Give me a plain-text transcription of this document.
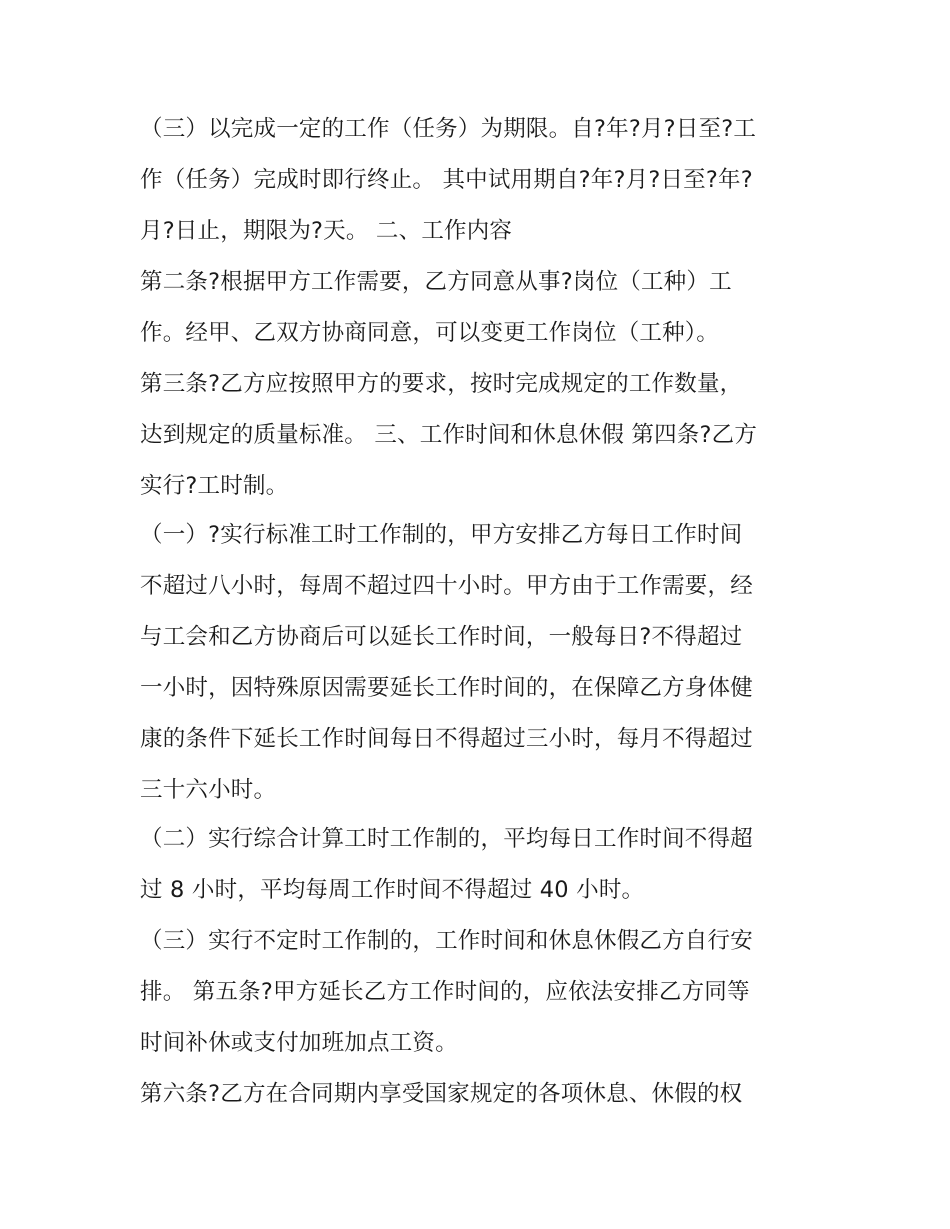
（三）以完成一定的工作（任务）为期限。自?年?月?日至?工

作（任务）完成时即行终止。 其中试用期自?年?月?日至?年?

月?日止，期限为?天。 二、工作内容

第二条?根据甲方工作需要，乙方同意从事?岗位（工种）工

作。经甲、乙双方协商同意，可以变更工作岗位（工种）。

第三条?乙方应按照甲方的要求，按时完成规定的工作数量，

达到规定的质量标准。 三、工作时间和休息休假 第四条?乙方

实行?工时制。

（一）?实行标准工时工作制的，甲方安排乙方每日工作时间

不超过八小时，每周不超过四十小时。甲方由于工作需要，经

与工会和乙方协商后可以延长工作时间，一般每日?不得超过

一小时，因特殊原因需要延长工作时间的，在保障乙方身体健

康的条件下延长工作时间每日不得超过三小时，每月不得超过

三十六小时。

（二）实行综合计算工时工作制的，平均每日工作时间不得超

过 8 小时，平均每周工作时间不得超过 40 小时。

（三）实行不定时工作制的，工作时间和休息休假乙方自行安

排。 第五条?甲方延长乙方工作时间的，应依法安排乙方同等

时间补休或支付加班加点工资。

第六条?乙方在合同期内享受国家规定的各项休息、休假的权
